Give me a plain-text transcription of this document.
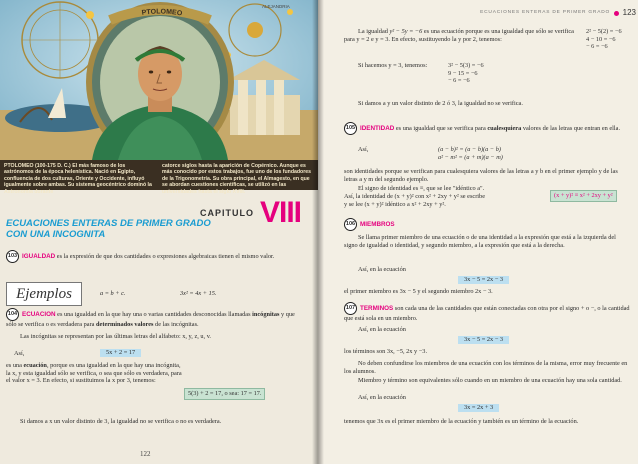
PTOLOMEO
ALEJANDRIA
PTOLOMEO (100-175 D. C.) El más famoso de los astrónomos de la época helenística. Nació en Egipto, confluencia de dos culturas, Oriente y Occidente, influyó igualmente sobre ambas. Su sistema geocéntrico dominó la Astronomía durante
catorce siglos hasta la aparición de Copérnico. Aunque es más conocido por estos trabajos, fue uno de los fundadores de la Trigonometría. Su obra principal, el Almagesto, en que se abordan cuestiones científicas, se utilizó en las universidades hasta el siglo XVIII.
CAPITULO VIII
ECUACIONES ENTERAS DE PRIMER GRADO
CON UNA INCOGNITA
103 IGUALDAD es la expresión de que dos cantidades o expresiones algebraicas tienen el mismo valor.
Ejemplos	a = b + c.	3x² = 4x + 15.
104 ECUACION es una igualdad en la que hay una o varias cantidades desconocidas llamadas incógnitas y que sólo se verifica o es verdadera para determinados valores de las incógnitas.
Las incógnitas se representan por las últimas letras del alfabeto: x, y, z, u, v.
Así,	5x + 2 = 17
es una ecuación, porque es una igualdad en la que hay una incógnita, la x, y esta igualdad sólo se verifica, o sea que sólo es verdadera, para el valor x = 3. En efecto, si sustituimos la x por 3, tenemos:
5(3) + 2 = 17, o sea: 17 = 17.
Si damos a x un valor distinto de 3, la igualdad no se verifica o no es verdadera.
122
ECUACIONES ENTERAS DE PRIMER GRADO 123
La igualdad y² − 5y = −6 es una ecuación porque es una igualdad que sólo se verifica para y = 2 e y = 3. En efecto, sustituyendo la y por 2, tenemos:
2² − 5(2) = −6
4 − 10 = −6
− 6 = −6
Si hacemos y = 3, tenemos:	3² − 5(3) = −6
9 − 15 = −6
− 6 = −6
Si damos a y un valor distinto de 2 ó 3, la igualdad no se verifica.
105 IDENTIDAD es una igualdad que se verifica para cualesquiera valores de las letras que entran en ella.
Así,	(a − b)² = (a − b)(a − b)
a² − m² = (a + m)(a − m)
son identidades porque se verifican para cualesquiera valores de las letras a y b en el primer ejemplo y de las letras a y m del segundo ejemplo.
El signo de identidad es ≡, que se lee "idéntico a".
Así, la identidad de (x + y)² con x² + 2xy + y² se escribe
y se lee (x + y)² idéntico a x² + 2xy + y².
(x + y)² ≡ x² + 2xy + y²
106 MIEMBROS
Se llama primer miembro de una ecuación o de una identidad a la expresión que está a la izquierda del signo de igualdad o identidad, y segundo miembro, a la expresión que está a la derecha.
Así, en la ecuación
3x − 5 = 2x − 3
el primer miembro es 3x − 5 y el segundo miembro 2x − 3.
107 TERMINOS son cada una de las cantidades que están conectadas con otra por el signo + o −, o la cantidad que está sola en un miembro.
Así, en la ecuación
3x − 5 = 2x − 3
los términos son 3x, −5, 2x y −3.
No deben confundirse los miembros de una ecuación con los términos de la misma, error muy frecuente en los alumnos.
Miembro y término son equivalentes sólo cuando en un miembro de una ecuación hay una sola cantidad.
Así, en la ecuación
3x = 2x + 3
tenemos que 3x es el primer miembro de la ecuación y también es un término de la ecuación.
